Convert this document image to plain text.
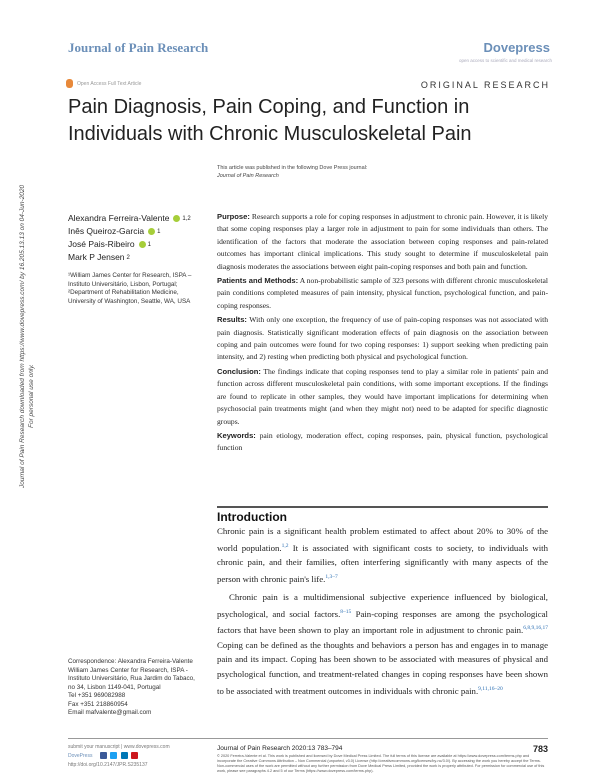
Journal of Pain Research	Dovepress
open access to scientific and medical research
Open Access Full Text Article	ORIGINAL RESEARCH
Pain Diagnosis, Pain Coping, and Function in Individuals with Chronic Musculoskeletal Pain
Journal of Pain Research downloaded from https://www.dovepress.com/ by 16.205.13.13 on 04-Jun-2020 For personal use only.
This article was published in the following Dove Press journal:
Journal of Pain Research
Alexandra Ferreira-Valente 1,2
Inês Queiroz-Garcia 1
José Pais-Ribeiro 1
Mark P Jensen 2
¹William James Center for Research, ISPA – Instituto Universitário, Lisbon, Portugal; ²Department of Rehabilitation Medicine, University of Washington, Seattle, WA, USA

Purpose: Research supports a role for coping responses in adjustment to chronic pain. However, it is likely that some coping responses play a larger role in adjustment to pain for some individuals than others. The identification of the factors that moderate the association between coping responses and pain-related outcomes has important clinical implications. This study sought to determine if musculoskeletal pain diagnosis moderates the associations between eight pain-coping responses and both pain and function.

Patients and Methods: A non-probabilistic sample of 323 persons with different chronic musculoskeletal pain conditions completed measures of pain intensity, physical function, psychological function, and pain-coping responses.

Results: With only one exception, the frequency of use of pain-coping responses was not associated with pain diagnosis. Statistically significant moderation effects of pain diagnosis on the association between coping and pain outcomes were found for two coping responses: 1) support seeking when predicting pain intensity, and 2) resting when predicting both physical and psychological function.

Conclusion: The findings indicate that coping responses tend to play a similar role in patients' pain and function across different musculoskeletal pain conditions, with some important exceptions. If the findings are found to replicate in other samples, they would have important implications for determining when psychosocial pain treatments might (and when they might not) need to be adapted for specific diagnostic groups.

Keywords: pain etiology, moderation effect, coping responses, pain, physical function, psychological function

Introduction

Chronic pain is a significant health problem estimated to affect about 20% to 30% of the world population.$^{1,2}$ It is associated with significant costs to society, to individuals with chronic pain, and their families, often interfering significantly with many aspects of the person with chronic pain's life.$^{1,3-7}$

Chronic pain is a multidimensional subjective experience influenced by biological, psychological, and social factors.$^{8-15}$ Pain-coping responses are among the psychological factors that have been shown to play an important role in adjustment to chronic pain.$^{6,8,9,16,17}$ Coping can be defined as the thoughts and behaviors a person has and engages in to manage pain and its impact. Coping has been shown to be associated with measures of physical and psychological function, and treatment-related changes in coping responses have been shown to be associated with treatment outcomes in individuals with chronic pain.$^{9,11,16-20}$

Correspondence: Alexandra Ferreira-Valente
William James Center for Research, ISPA - Instituto Universitário, Rua Jardim do Tabaco, no 34, Lisbon 1149-041, Portugal
Tel +351 969082988
Fax +351 218860954
Email mafvalente@gmail.com
submit your manuscript | www.dovepress.com
DovePress
http://doi.org/10.2147/JPR.S235137
Journal of Pain Research 2020:13 783–794	783
© 2020 Ferreira-Valente et al. This work is published and licensed by Dove Medical Press Limited. The full terms of this license are available at https://www.dovepress.com/terms.php and incorporate the Creative Commons Attribution – Non Commercial (unported, v3.0) License (http://creativecommons.org/licenses/by-nc/3.0/). By accessing the work you hereby accept the Terms. Non-commercial uses of the work are permitted without any further permission from Dove Medical Press Limited, provided the work is properly attributed. For permission for commercial use of this work, please see paragraphs 4.2 and 5 of our Terms (https://www.dovepress.com/terms.php).
